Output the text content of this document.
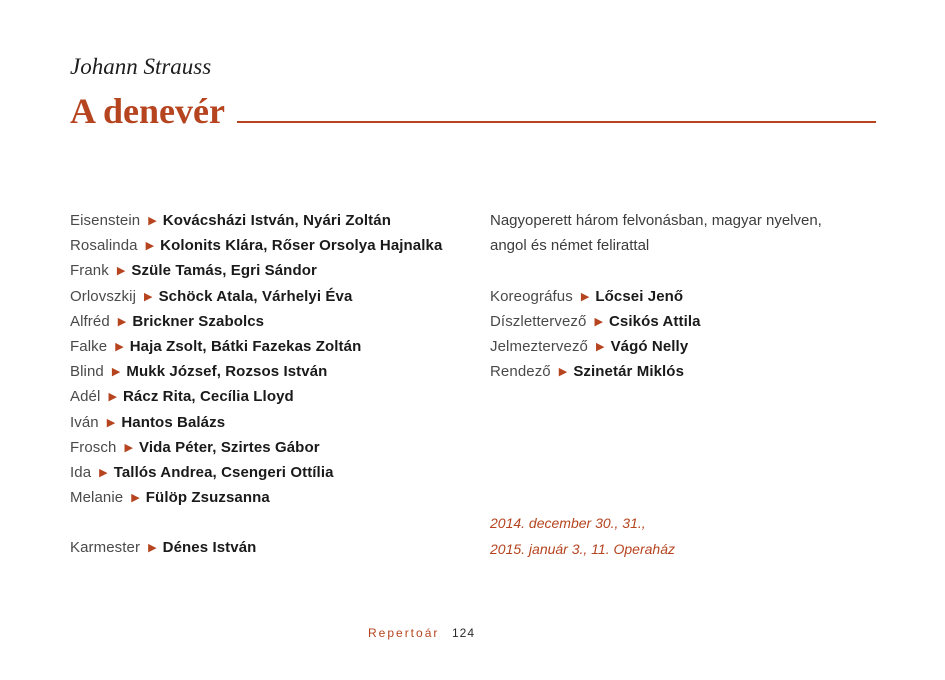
Johann Strauss

A denevér
Eisenstein ▶ Kovácsházi István, Nyári Zoltán
Rosalinda ▶ Kolonits Klára, Rőser Orsolya Hajnalka
Frank ▶ Szüle Tamás, Egri Sándor
Orlovszkij ▶ Schöck Atala, Várhelyi Éva
Alfréd ▶ Brickner Szabolcs
Falke ▶ Haja Zsolt, Bátki Fazekas Zoltán
Blind ▶ Mukk József, Rozsos István
Adél ▶ Rácz Rita, Cecília Lloyd
Iván ▶ Hantos Balázs
Frosch ▶ Vida Péter, Szirtes Gábor
Ida ▶ Tallós Andrea, Csengeri Ottília
Melanie ▶ Fülöp Zsuzsanna
Karmester ▶ Dénes István
Nagyoperett három felvonásban, magyar nyelven,
angol és német felirattal
Koreográfus ▶ Lőcsei Jenő
Díszlettervező ▶ Csikós Attila
Jelmeztervező ▶ Vágó Nelly
Rendező ▶ Szinetár Miklós
2014. december 30., 31.,
2015. január 3., 11. Operaház
Repertoár 124
